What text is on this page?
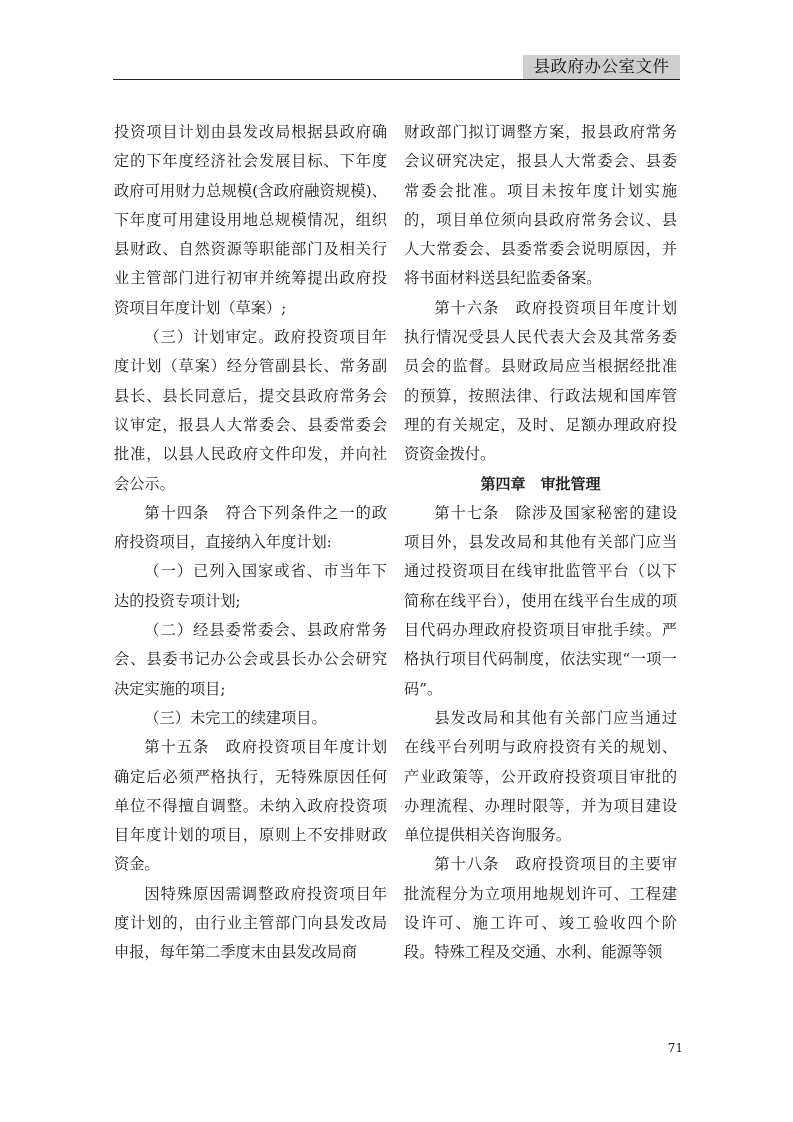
县政府办公室文件

投资项目计划由县发改局根据县政府确定的下年度经济社会发展目标、下年度政府可用财力总规模(含政府融资规模)、下年度可用建设用地总规模情况，组织县财政、自然资源等职能部门及相关行业主管部门进行初审并统筹提出政府投资项目年度计划（草案）;

（三）计划审定。政府投资项目年度计划（草案）经分管副县长、常务副县长、县长同意后，提交县政府常务会议审定，报县人大常委会、县委常委会批准，以县人民政府文件印发，并向社会公示。

第十四条　符合下列条件之一的政府投资项目，直接纳入年度计划:

（一）已列入国家或省、市当年下达的投资专项计划;

（二）经县委常委会、县政府常务会、县委书记办公会或县长办公会研究决定实施的项目;

（三）未完工的续建项目。

第十五条　政府投资项目年度计划确定后必须严格执行，无特殊原因任何单位不得擅自调整。未纳入政府投资项目年度计划的项目，原则上不安排财政资金。

因特殊原因需调整政府投资项目年度计划的，由行业主管部门向县发改局申报，每年第二季度末由县发改局商

财政部门拟订调整方案，报县政府常务会议研究决定，报县人大常委会、县委常委会批准。项目未按年度计划实施的，项目单位须向县政府常务会议、县人大常委会、县委常委会说明原因，并将书面材料送县纪监委备案。

第十六条　政府投资项目年度计划执行情况受县人民代表大会及其常务委员会的监督。县财政局应当根据经批准的预算，按照法律、行政法规和国库管理的有关规定，及时、足额办理政府投资资金拨付。

第四章　审批管理

第十七条　除涉及国家秘密的建设项目外，县发改局和其他有关部门应当通过投资项目在线审批监管平台（以下简称在线平台），使用在线平台生成的项目代码办理政府投资项目审批手续。严格执行项目代码制度，依法实现“一项一码”。

县发改局和其他有关部门应当通过在线平台列明与政府投资有关的规划、产业政策等，公开政府投资项目审批的办理流程、办理时限等，并为项目建设单位提供相关咨询服务。

第十八条　政府投资项目的主要审批流程分为立项用地规划许可、工程建设许可、施工许可、竣工验收四个阶段。特殊工程及交通、水利、能源等领

71
